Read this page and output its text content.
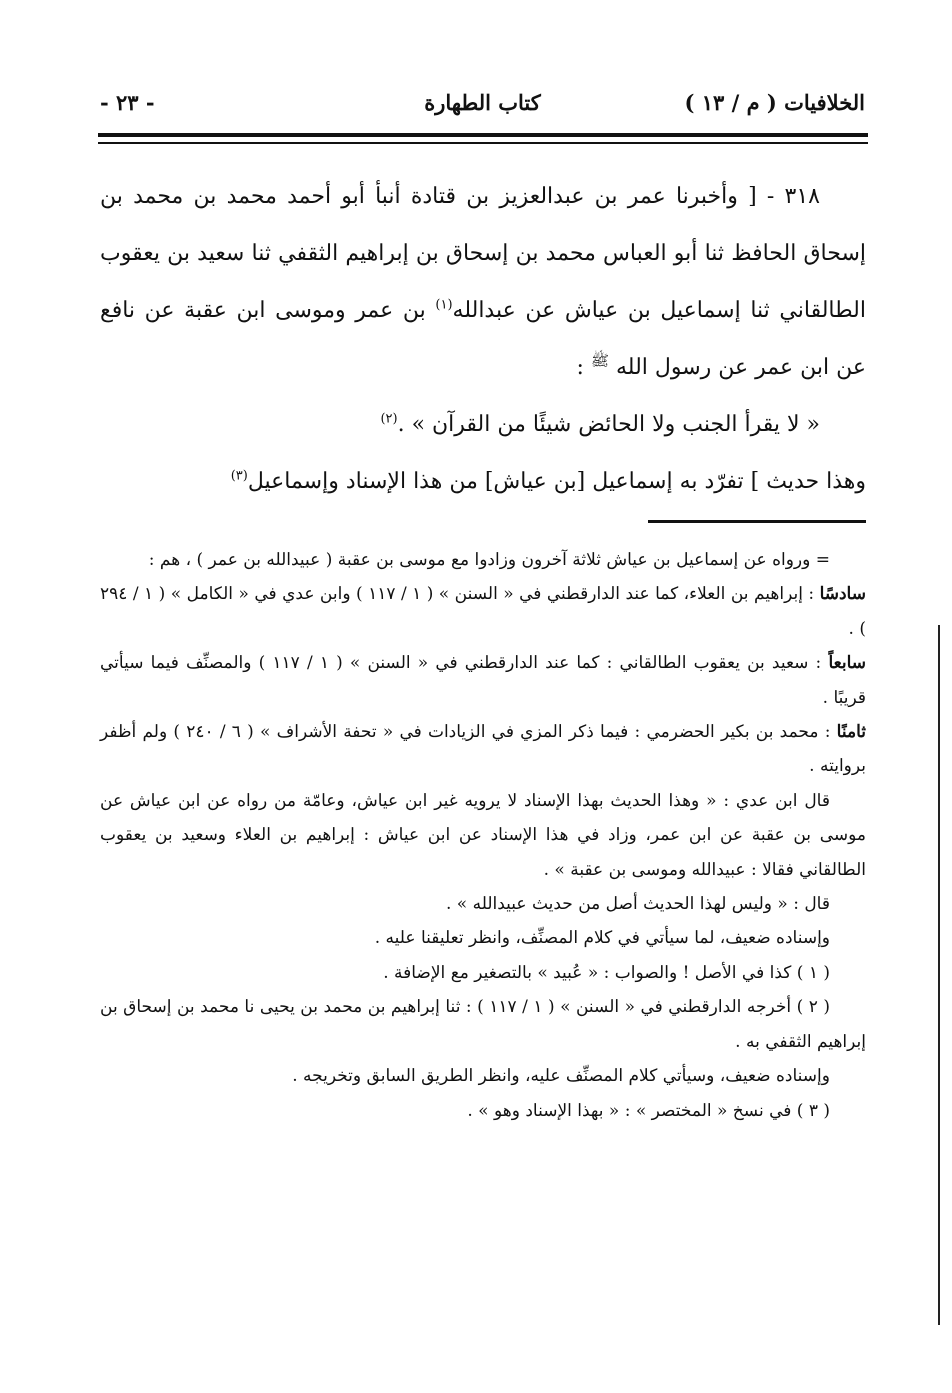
الخلافيات ( م / ١٣ )
كتاب الطهارة
- ٢٣ -

٣١٨ - [ وأخبرنا عمر بن عبدالعزيز بن قتادة أنبأ أبو أحمد محمد بن محمد بن إسحاق الحافظ ثنا أبو العباس محمد بن إسحاق بن إبراهيم الثقفي ثنا سعيد بن يعقوب الطالقاني ثنا إسماعيل بن عياش عن عبدالله$^{(١)}$ بن عمر وموسى ابن عقبة عن نافع عن ابن عمر عن رسول الله $^ﷺ$ :

« لا يقرأ الجنب ولا الحائض شيئًا من القرآن » .$^{(٢)}$

وهذا حديث ] تفرّد به إسماعيل [بن عياش] من هذا الإسناد وإسماعيل$^{(٣)}$

= ورواه عن إسماعيل بن عياش ثلاثة آخرون وزادوا مع موسى بن عقبة ( عبيدالله بن عمر ) ، هم :

سادسًا : إبراهيم بن العلاء، كما عند الدارقطني في « السنن » ( ١ / ١١٧ ) وابن عدي في « الكامل » ( ١ / ٢٩٤ ) .

سابعاً : سعيد بن يعقوب الطالقاني : كما عند الدارقطني في « السنن » ( ١ / ١١٧ ) والمصنِّف فيما سيأتي قريبًا .

ثامنًا : محمد بن بكير الحضرمي : فيما ذكر المزي في الزيادات في « تحفة الأشراف » ( ٦ / ٢٤٠ ) ولم أظفر بروايته .

قال ابن عدي : « وهذا الحديث بهذا الإسناد لا يرويه غير ابن عياش، وعامّة من رواه عن ابن عياش عن موسى بن عقبة عن ابن عمر، وزاد في هذا الإسناد عن ابن عياش : إبراهيم بن العلاء وسعيد بن يعقوب الطالقاني فقالا : عبيدالله وموسى بن عقبة » .

قال : « وليس لهذا الحديث أصل من حديث عبيدالله » .

وإسناده ضعيف، لما سيأتي في كلام المصنِّف، وانظر تعليقنا عليه .

( ١ ) كذا في الأصل ! والصواب : « عُبيد » بالتصغير مع الإضافة .

( ٢ ) أخرجه الدارقطني في « السنن » ( ١ / ١١٧ ) : ثنا إبراهيم بن محمد بن يحيى نا محمد بن إسحاق بن إبراهيم الثقفي به .

وإسناده ضعيف، وسيأتي كلام المصنِّف عليه، وانظر الطريق السابق وتخريجه .

( ٣ ) في نسخ « المختصر » : « بهذا الإسناد وهو » .
